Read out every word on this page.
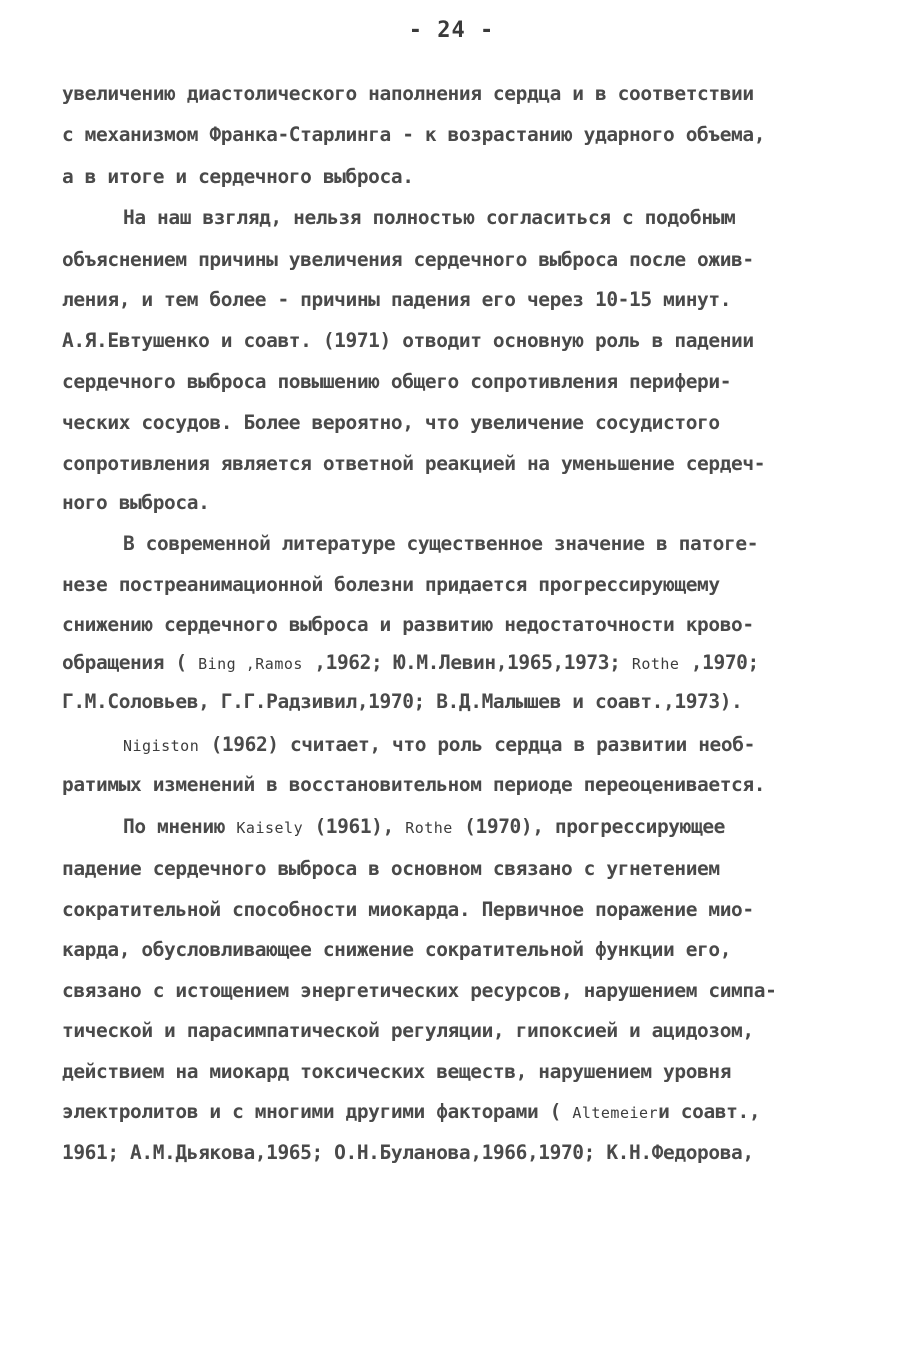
- 24 -
увеличению диастолического наполнения сердца и в соответствии
с механизмом Франка-Старлинга - к возрастанию ударного объема,
а в итоге и сердечного выброса.
На наш взгляд, нельзя полностью согласиться с подобным
объяснением причины увеличения сердечного выброса после ожив-
ления, и тем более - причины падения его через 10-15 минут.
А.Я.Евтушенко и соавт. (1971) отводит основную роль в падении
сердечного выброса повышению общего сопротивления перифери-
ческих сосудов. Более вероятно, что увеличение сосудистого
сопротивления является ответной реакцией на уменьшение сердеч-
ного выброса.
В современной литературе существенное значение в патоге-
незе постреанимационной болезни придается прогрессирующему
снижению сердечного выброса и развитию недостаточности крово-
обращения ( Bing ,Ramos ,1962; Ю.М.Левин,1965,1973; Rothe ,1970;
Г.М.Соловьев, Г.Г.Радзивил,1970; В.Д.Малышев и соавт.,1973).
Nigiston (1962) считает, что роль сердца в развитии необ-
ратимых изменений в восстановительном периоде переоценивается.
По мнению Kaisely (1961), Rothe (1970), прогрессирующее
падение сердечного выброса в основном связано с угнетением
сократительной способности миокарда. Первичное поражение мио-
карда, обусловливающее снижение сократительной функции его,
связано с истощением энергетических ресурсов, нарушением симпа-
тической и парасимпатической регуляции, гипоксией и ацидозом,
действием на миокард токсических веществ, нарушением уровня
электролитов и с многими другими факторами ( Altemeierи соавт.,
1961; А.М.Дьякова,1965; О.Н.Буланова,1966,1970; К.Н.Федорова,
